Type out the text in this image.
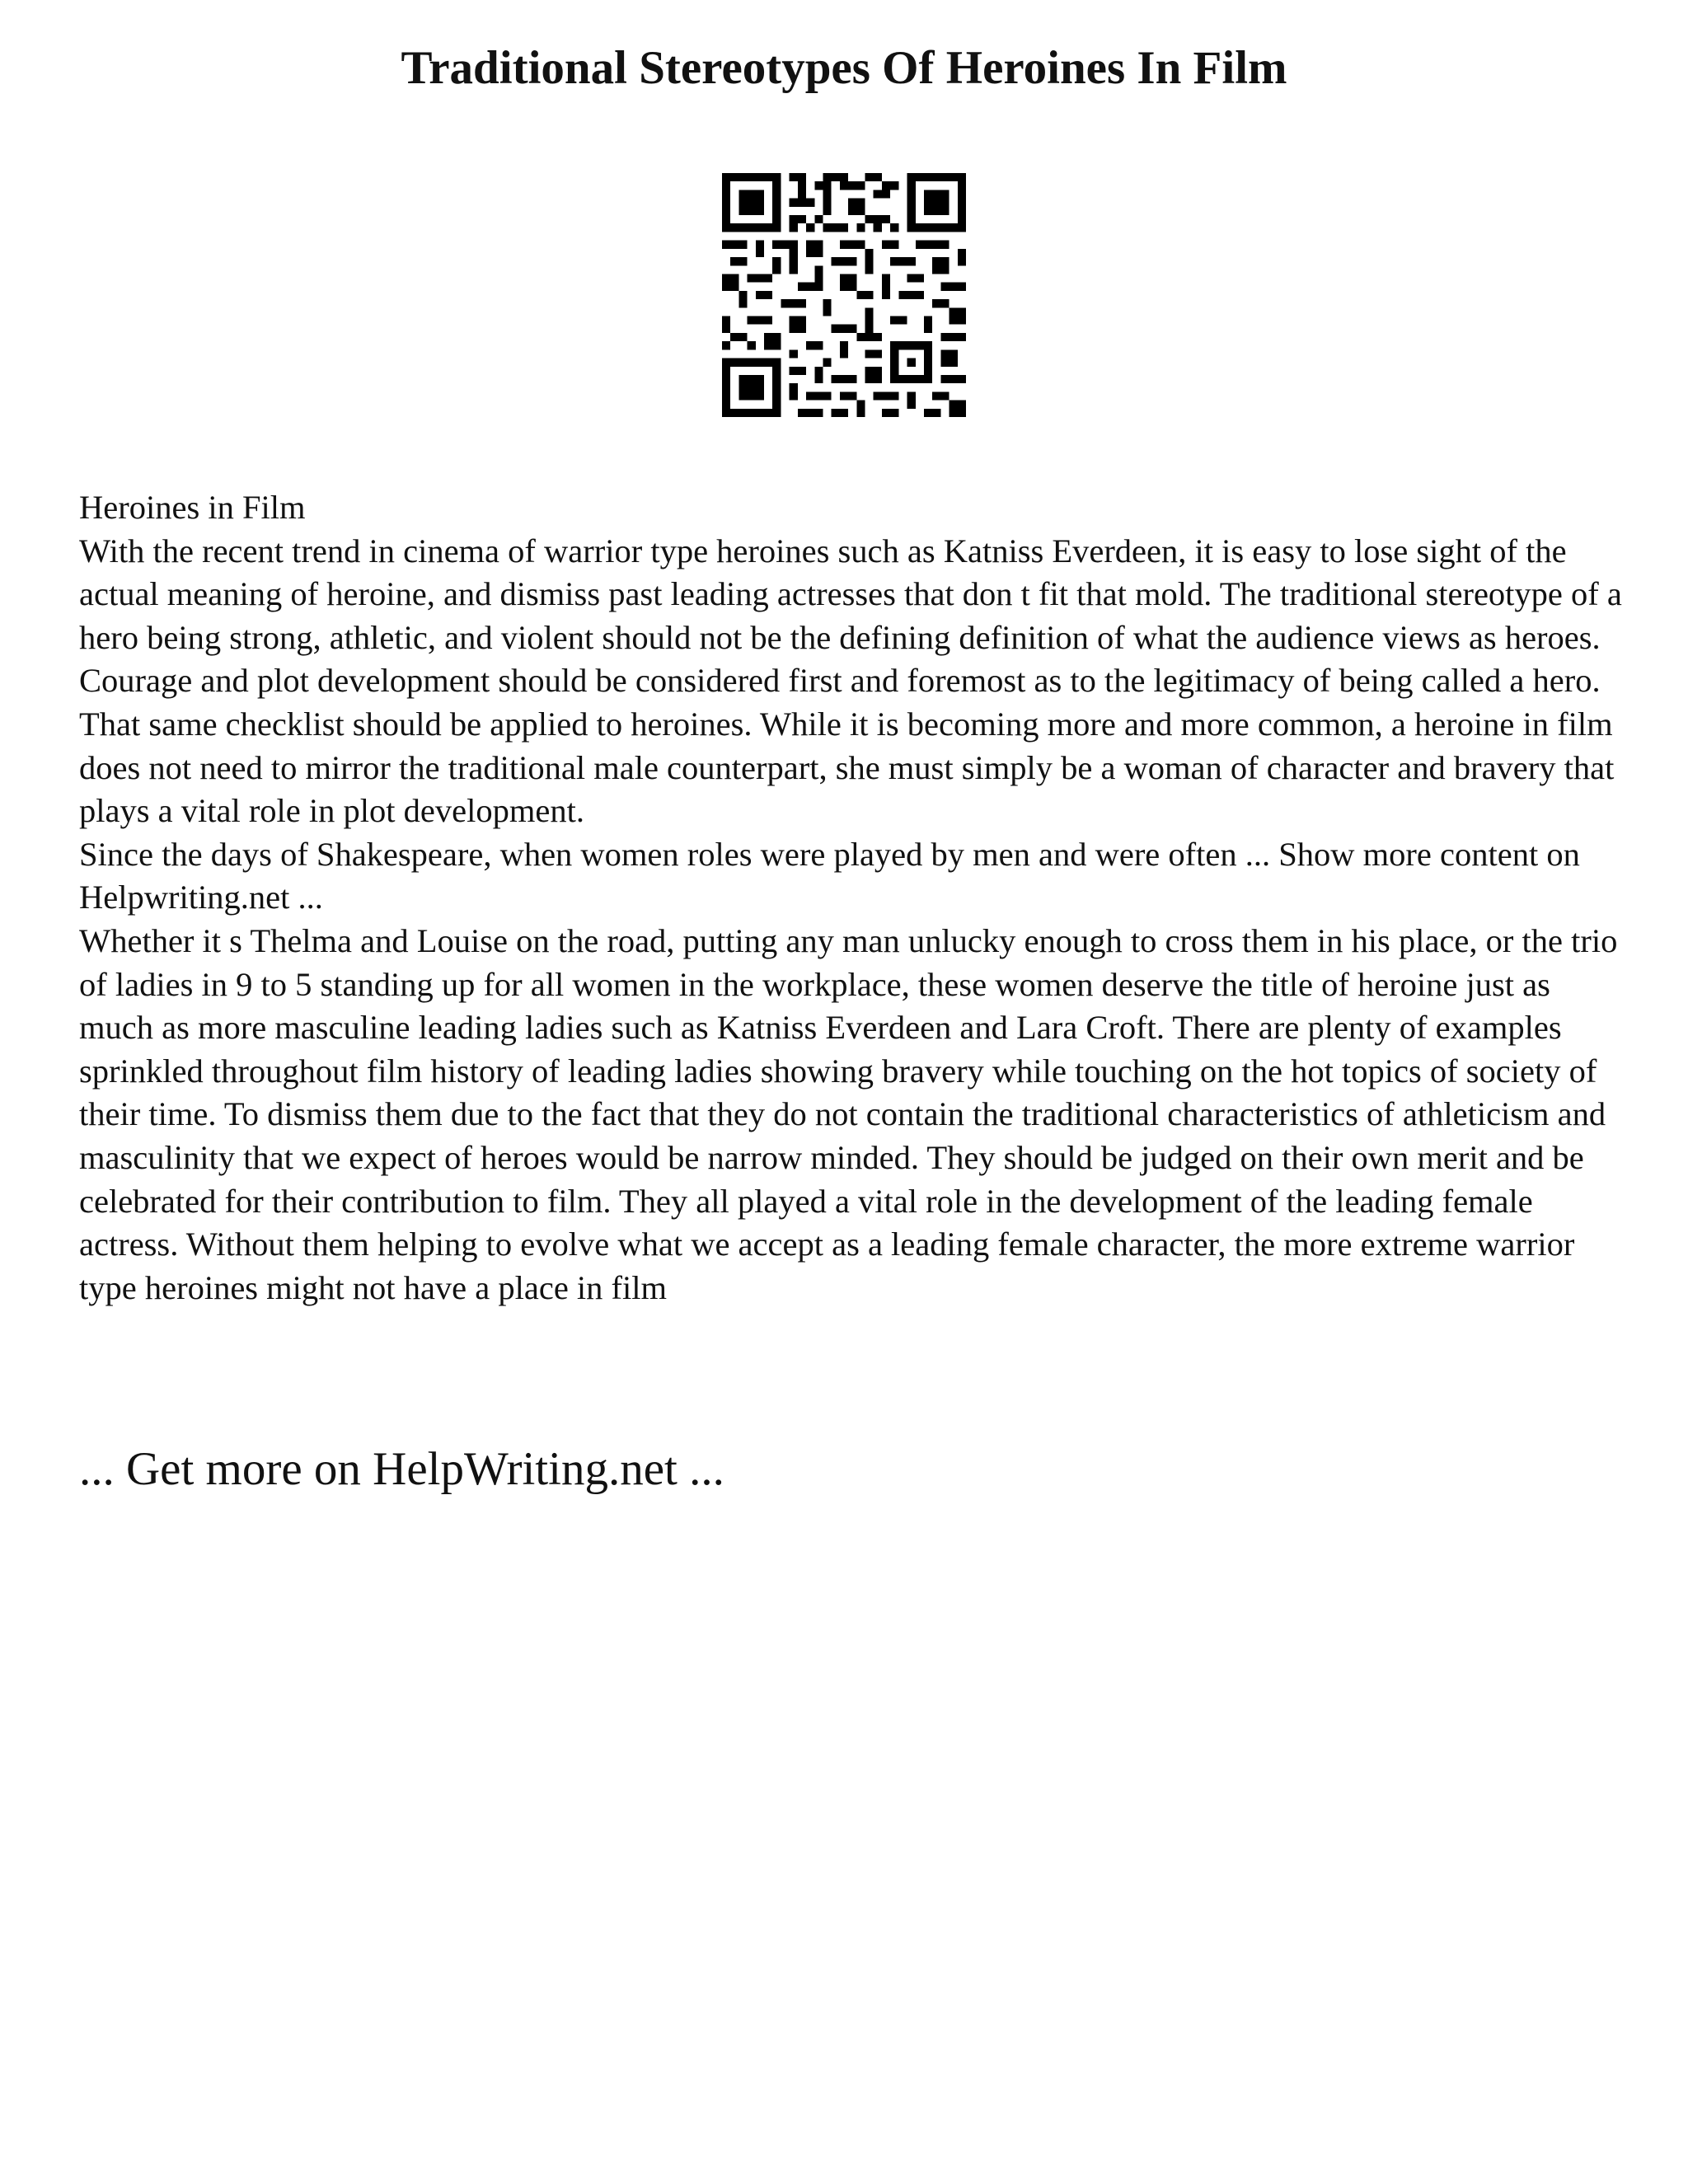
Traditional Stereotypes Of Heroines In Film

Heroines in Film

With the recent trend in cinema of warrior type heroines such as Katniss Everdeen, it is easy to lose sight of the actual meaning of heroine, and dismiss past leading actresses that don t fit that mold. The traditional stereotype of a hero being strong, athletic, and violent should not be the defining definition of what the audience views as heroes. Courage and plot development should be considered first and foremost as to the legitimacy of being called a hero. That same checklist should be applied to heroines. While it is becoming more and more common, a heroine in film does not need to mirror the traditional male counterpart, she must simply be a woman of character and bravery that plays a vital role in plot development.

Since the days of Shakespeare, when women roles were played by men and were often ... Show more content on Helpwriting.net ...

Whether it s Thelma and Louise on the road, putting any man unlucky enough to cross them in his place, or the trio of ladies in 9 to 5 standing up for all women in the workplace, these women deserve the title of heroine just as much as more masculine leading ladies such as Katniss Everdeen and Lara Croft. There are plenty of examples sprinkled throughout film history of leading ladies showing bravery while touching on the hot topics of society of their time. To dismiss them due to the fact that they do not contain the traditional characteristics of athleticism and masculinity that we expect of heroes would be narrow minded. They should be judged on their own merit and be celebrated for their contribution to film. They all played a vital role in the development of the leading female actress. Without them helping to evolve what we accept as a leading female character, the more extreme warrior type heroines might not have a place in film

... Get more on HelpWriting.net ...
